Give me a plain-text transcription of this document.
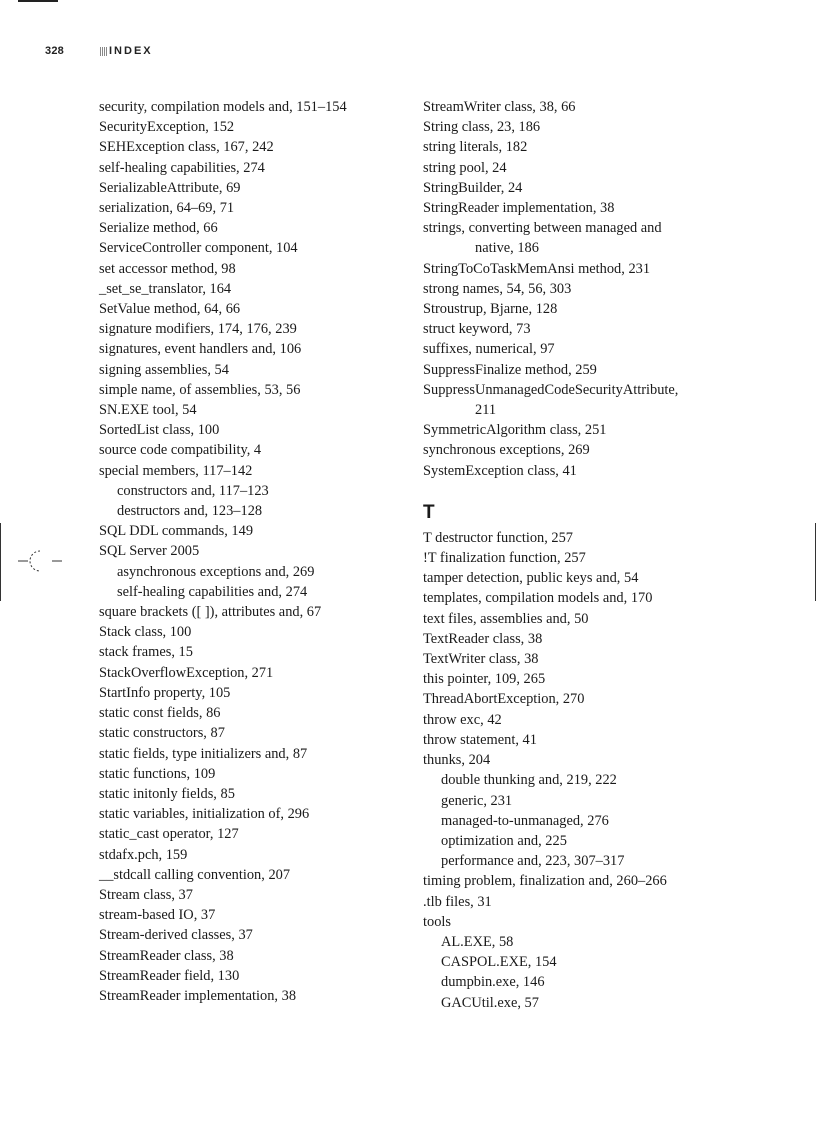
328	INDEX
security, compilation models and, 151–154
SecurityException, 152
SEHException class, 167, 242
self-healing capabilities, 274
SerializableAttribute, 69
serialization, 64–69, 71
Serialize method, 66
ServiceController component, 104
set accessor method, 98
_set_se_translator, 164
SetValue method, 64, 66
signature modifiers, 174, 176, 239
signatures, event handlers and, 106
signing assemblies, 54
simple name, of assemblies, 53, 56
SN.EXE tool, 54
SortedList class, 100
source code compatibility, 4
special members, 117–142
constructors and, 117–123
destructors and, 123–128
SQL DDL commands, 149
SQL Server 2005
asynchronous exceptions and, 269
self-healing capabilities and, 274
square brackets ([ ]), attributes and, 67
Stack class, 100
stack frames, 15
StackOverflowException, 271
StartInfo property, 105
static const fields, 86
static constructors, 87
static fields, type initializers and, 87
static functions, 109
static initonly fields, 85
static variables, initialization of, 296
static_cast operator, 127
stdafx.pch, 159
__stdcall calling convention, 207
Stream class, 37
stream-based IO, 37
Stream-derived classes, 37
StreamReader class, 38
StreamReader field, 130
StreamReader implementation, 38
StreamWriter class, 38, 66
String class, 23, 186
string literals, 182
string pool, 24
StringBuilder, 24
StringReader implementation, 38
strings, converting between managed and
native, 186
StringToCoTaskMemAnsi method, 231
strong names, 54, 56, 303
Stroustrup, Bjarne, 128
struct keyword, 73
suffixes, numerical, 97
SuppressFinalize method, 259
SuppressUnmanagedCodeSecurityAttribute,
211
SymmetricAlgorithm class, 251
synchronous exceptions, 269
SystemException class, 41
T
T destructor function, 257
!T finalization function, 257
tamper detection, public keys and, 54
templates, compilation models and, 170
text files, assemblies and, 50
TextReader class, 38
TextWriter class, 38
this pointer, 109, 265
ThreadAbortException, 270
throw exc, 42
throw statement, 41
thunks, 204
double thunking and, 219, 222
generic, 231
managed-to-unmanaged, 276
optimization and, 225
performance and, 223, 307–317
timing problem, finalization and, 260–266
.tlb files, 31
tools
AL.EXE, 58
CASPOL.EXE, 154
dumpbin.exe, 146
GACUtil.exe, 57
